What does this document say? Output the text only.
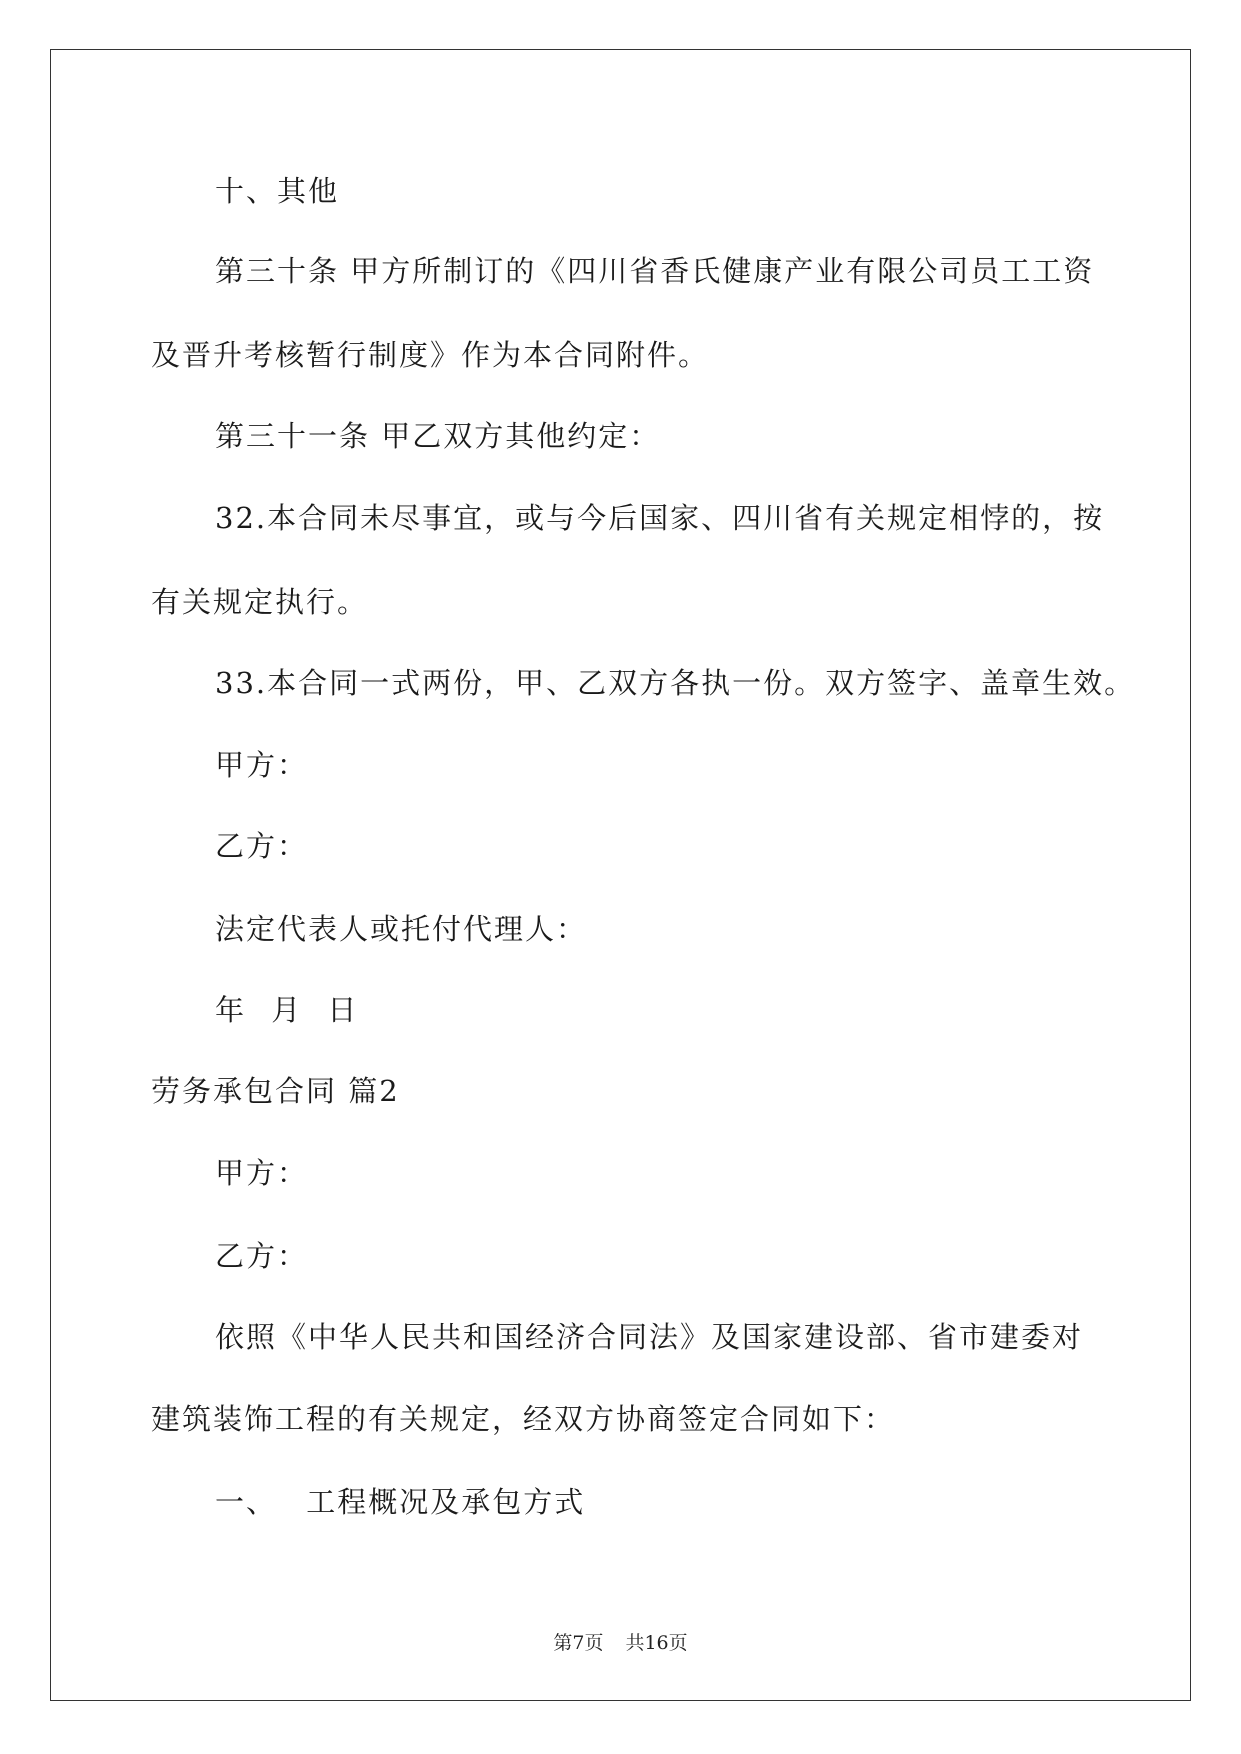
十、其他
第三十条 甲方所制订的《四川省香氏健康产业有限公司员工工资
及晋升考核暂行制度》作为本合同附件。
第三十一条 甲乙双方其他约定：
32.本合同未尽事宜，或与今后国家、四川省有关规定相悖的，按
有关规定执行。
33.本合同一式两份，甲、乙双方各执一份。双方签字、盖章生效。
甲方：
乙方：
法定代表人或托付代理人：
年 月 日
劳务承包合同 篇2
甲方：
乙方：
依照《中华人民共和国经济合同法》及国家建设部、省市建委对
建筑装饰工程的有关规定，经双方协商签定合同如下：
一、 工程概况及承包方式
第7页 共16页
